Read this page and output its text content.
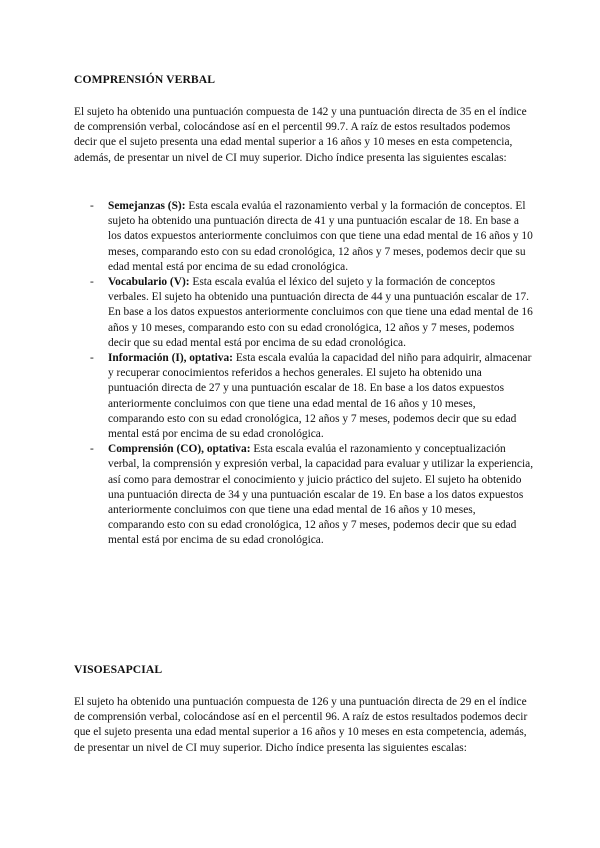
COMPRENSIÓN VERBAL

El sujeto ha obtenido una puntuación compuesta de 142 y una puntuación directa de 35 en el índice de comprensión verbal, colocándose así en el percentil 99.7. A raíz de estos resultados podemos decir que el sujeto presenta una edad mental superior a 16 años y 10 meses en esta competencia, además, de presentar un nivel de CI muy superior. Dicho índice presenta las siguientes escalas:

- Semejanzas (S): Esta escala evalúa el razonamiento verbal y la formación de conceptos. El sujeto ha obtenido una puntuación directa de 41 y una puntuación escalar de 18. En base a los datos expuestos anteriormente concluimos con que tiene una edad mental de 16 años y 10 meses, comparando esto con su edad cronológica, 12 años y 7 meses, podemos decir que su edad mental está por encima de su edad cronológica.
- Vocabulario (V): Esta escala evalúa el léxico del sujeto y la formación de conceptos verbales. El sujeto ha obtenido una puntuación directa de 44 y una puntuación escalar de 17. En base a los datos expuestos anteriormente concluimos con que tiene una edad mental de 16 años y 10 meses, comparando esto con su edad cronológica, 12 años y 7 meses, podemos decir que su edad mental está por encima de su edad cronológica.
- Información (I), optativa: Esta escala evalúa la capacidad del niño para adquirir, almacenar y recuperar conocimientos referidos a hechos generales. El sujeto ha obtenido una puntuación directa de 27 y una puntuación escalar de 18. En base a los datos expuestos anteriormente concluimos con que tiene una edad mental de 16 años y 10 meses, comparando esto con su edad cronológica, 12 años y 7 meses, podemos decir que su edad mental está por encima de su edad cronológica.
- Comprensión (CO), optativa: Esta escala evalúa el razonamiento y conceptualización verbal, la comprensión y expresión verbal, la capacidad para evaluar y utilizar la experiencia, así como para demostrar el conocimiento y juicio práctico del sujeto. El sujeto ha obtenido una puntuación directa de 34 y una puntuación escalar de 19. En base a los datos expuestos anteriormente concluimos con que tiene una edad mental de 16 años y 10 meses, comparando esto con su edad cronológica, 12 años y 7 meses, podemos decir que su edad mental está por encima de su edad cronológica.
VISOESAPCIAL

El sujeto ha obtenido una puntuación compuesta de 126 y una puntuación directa de 29 en el índice de comprensión verbal, colocándose así en el percentil 96. A raíz de estos resultados podemos decir que el sujeto presenta una edad mental superior a 16 años y 10 meses en esta competencia, además, de presentar un nivel de CI muy superior. Dicho índice presenta las siguientes escalas:
